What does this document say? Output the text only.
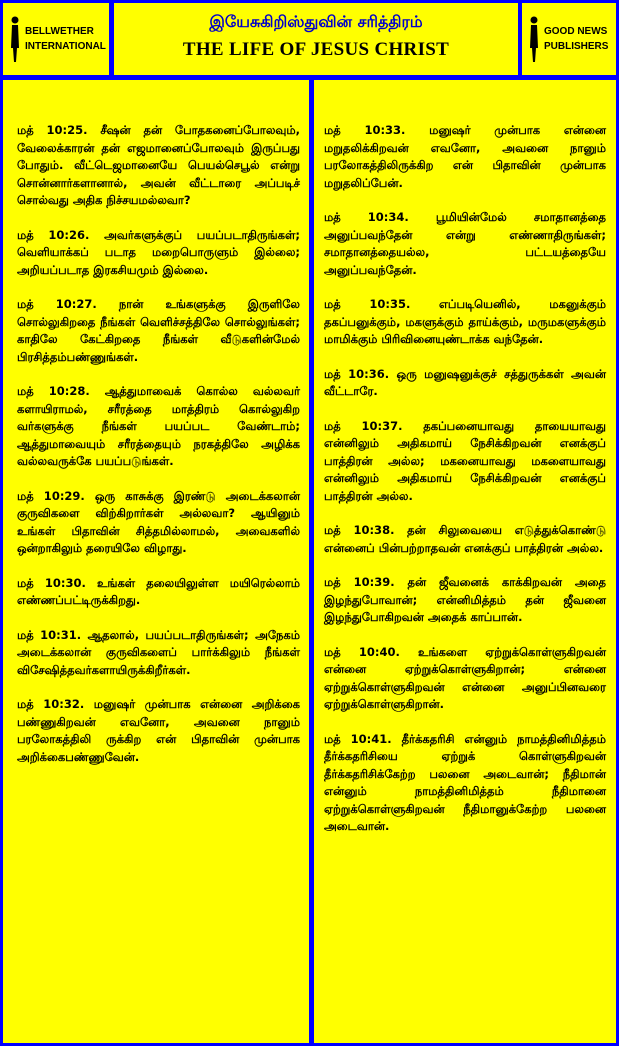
BELLWETHER
INTERNATIONAL
இயேசுகிறிஸ்துவின் சரித்திரம்
THE LIFE OF JESUS CHRIST
GOOD NEWS
PUBLISHERS

மத் 10:25. சீஷன் தன் போதகனைப்போலவும், வேலைக்காரன் தன் எஜமானைப்போலவும் இருப்பது போதும். வீட்டெஜமானையே பெயல்செபூல் என்று சொன்னார்களானால், அவன் வீட்டாரை அப்படிச் சொல்வது அதிக நிச்சயமல்லவா?

மத் 10:26. அவர்களுக்குப் பயப்படாதிருங்கள்; வெளியாக்கப் படாத மறைபொருளும் இல்லை; அறியப்படாத இரகசியமும் இல்லை.

மத் 10:27. நான் உங்களுக்கு இருளிலே சொல்லுகிறதை நீங்கள் வெளிச்சத்திலே சொல்லுங்கள்; காதிலே கேட்கிறதை நீங்கள் வீடுகளின்மேல் பிரசித்தம்பண்ணுங்கள்.

மத் 10:28. ஆத்துமாவைக் கொல்ல வல்லவர் களாயிராமல், சரீரத்தை மாத்திரம் கொல்லுகிற வர்களுக்கு நீங்கள் பயப்பட வேண்டாம்; ஆத்துமாவையும் சரீரத்தையும் நரகத்திலே அழிக்க வல்லவருக்கே பயப்படுங்கள்.

மத் 10:29. ஒரு காசுக்கு இரண்டு அடைக்கலான் குருவிகளை விற்கிறார்கள் அல்லவா? ஆயினும் உங்கள் பிதாவின் சித்தமில்லாமல், அவைகளில் ஒன்றாகிலும் தரையிலே விழாது.

மத் 10:30. உங்கள் தலையிலுள்ள மயிரெல்லாம் எண்ணப்பட்டிருக்கிறது.

மத் 10:31. ஆதலால், பயப்படாதிருங்கள்; அநேகம் அடைக்கலான் குருவிகளைப் பார்க்கிலும் நீங்கள் விசேஷித்தவர்களாயிருக்கிறீர்கள்.

மத் 10:32. மனுஷர் முன்பாக என்னை அறிக்கை பண்ணுகிறவன் எவனோ, அவனை நானும் பரலோகத்திலி ருக்கிற என் பிதாவின் முன்பாக அறிக்கைபண்ணுவேன்.

மத் 10:33. மனுஷர் முன்பாக என்னை மறுதலிக்கிறவன் எவனோ, அவனை நானும் பரலோகத்திலிருக்கிற என் பிதாவின் முன்பாக மறுதலிப்பேன்.

மத் 10:34. பூமியின்மேல் சமாதானத்தை அனுப்பவந்தேன் என்று எண்ணாதிருங்கள்; சமாதானத்தையல்ல, பட்டயத்தையே அனுப்பவந்தேன்.

மத் 10:35. எப்படியெனில், மகனுக்கும் தகப்பனுக்கும், மகளுக்கும் தாய்க்கும், மருமகளுக்கும் மாமிக்கும் பிரிவினையுண்டாக்க வந்தேன்.

மத் 10:36. ஒரு மனுஷனுக்குச் சத்துருக்கள் அவன் வீட்டாரே.

மத் 10:37. தகப்பனையாவது தாயையாவது என்னிலும் அதிகமாய் நேசிக்கிறவன் எனக்குப் பாத்திரன் அல்ல; மகனையாவது மகளையாவது என்னிலும் அதிகமாய் நேசிக்கிறவன் எனக்குப் பாத்திரன் அல்ல.

மத் 10:38. தன் சிலுவையை எடுத்துக்கொண்டு என்னைப் பின்பற்றாதவன் எனக்குப் பாத்திரன் அல்ல.

மத் 10:39. தன் ஜீவனைக் காக்கிறவன் அதை இழந்துபோவான்; என்னிமித்தம் தன் ஜீவனை இழந்துபோகிறவன் அதைக் காப்பான்.

மத் 10:40. உங்களை ஏற்றுக்கொள்ளுகிறவன் என்னை ஏற்றுக்கொள்ளுகிறான்; என்னை ஏற்றுக்கொள்ளுகிறவன் என்னை அனுப்பினவரை ஏற்றுக்கொள்ளுகிறான்.

மத் 10:41. தீர்க்கதரிசி என்னும் நாமத்தினிமித்தம் தீர்க்கதரிசியை ஏற்றுக் கொள்ளுகிறவன் தீர்க்கதரிசிக்கேற்ற பலனை அடைவான்; நீதிமான் என்னும் நாமத்தினிமித்தம் நீதிமானை ஏற்றுக்கொள்ளுகிறவன் நீதிமானுக்கேற்ற பலனை அடைவான்.
